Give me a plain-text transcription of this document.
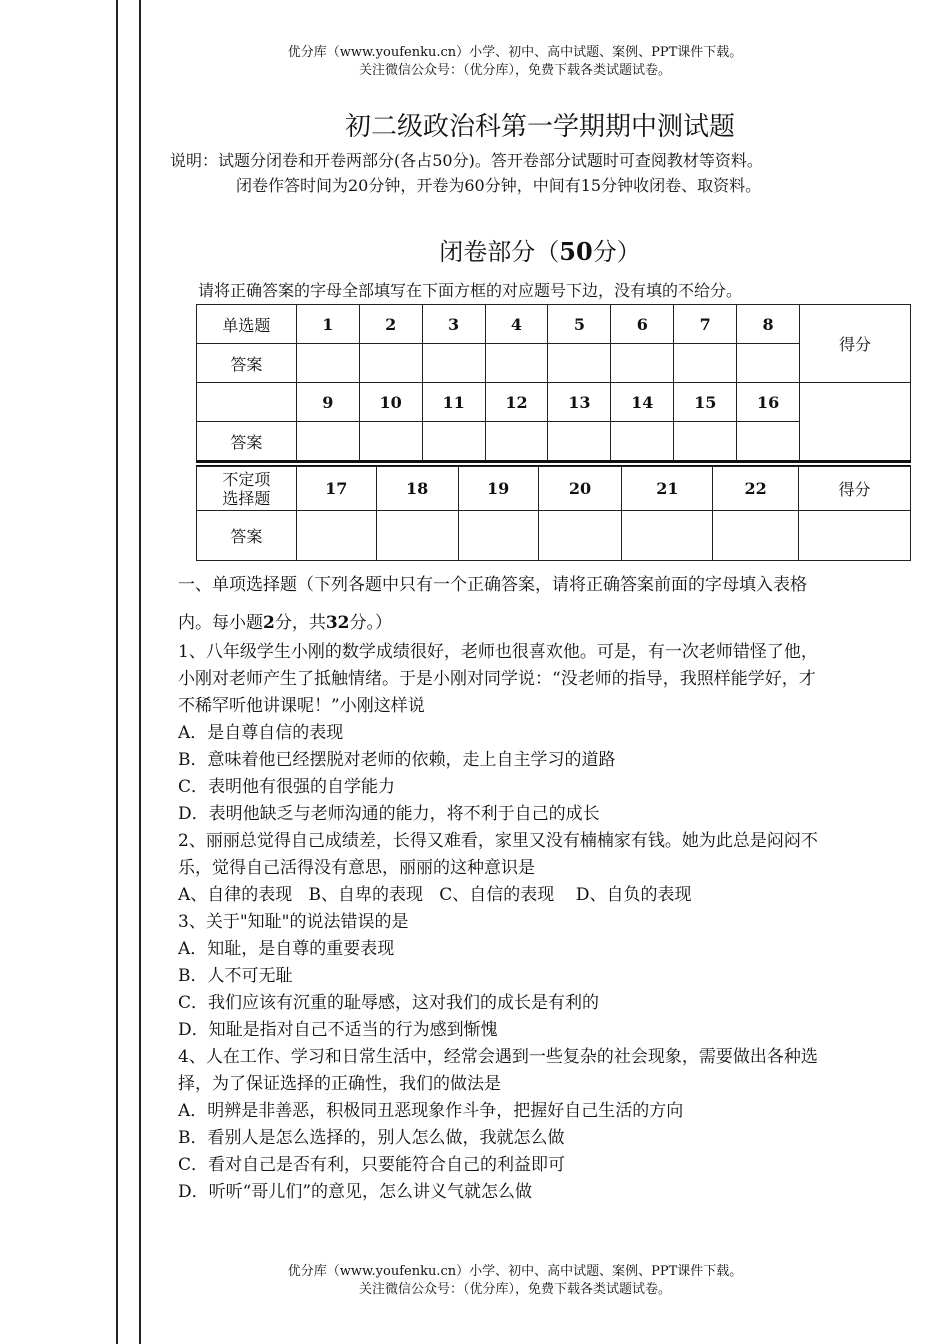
优分库（www.youfenku.cn）小学、初中、高中试题、案例、PPT课件下载。
关注微信公众号：（优分库），免费下载各类试题试卷。
初二级政治科第一学期期中测试题
说明：试题分闭卷和开卷两部分(各占50分)。答开卷部分试题时可查阅教材等资料。
闭卷作答时间为20分钟，开卷为60分钟，中间有15分钟收闭卷、取资料。
闭卷部分（50分）
请将正确答案的字母全部填写在下面方框的对应题号下边，没有填的不给分。
单选题	1	2	3	4	5	6	7	8	得分
答案									
	9	10	11	12	13	14	15	16	
答案									
不定项
选择题	17	18	19	20	21	22	得分
答案							

一、单项选择题（下列各题中只有一个正确答案，请将正确答案前面的字母填入表格

内。每小题2分，共32分。）

1、八年级学生小刚的数学成绩很好，老师也很喜欢他。可是，有一次老师错怪了他，

小刚对老师产生了抵触情绪。于是小刚对同学说：“没老师的指导，我照样能学好，才

不稀罕听他讲课呢！”小刚这样说

A．是自尊自信的表现

B．意味着他已经摆脱对老师的依赖，走上自主学习的道路

C．表明他有很强的自学能力

D．表明他缺乏与老师沟通的能力，将不利于自己的成长

2、丽丽总觉得自己成绩差，长得又难看，家里又没有楠楠家有钱。她为此总是闷闷不

乐，觉得自己活得没有意思，丽丽的这种意识是

A、自律的表现   B、自卑的表现   C、自信的表现    D、自负的表现

3、关于"知耻"的说法错误的是

A．知耻，是自尊的重要表现

B．人不可无耻

C．我们应该有沉重的耻辱感，这对我们的成长是有利的

D．知耻是指对自己不适当的行为感到惭愧

4、人在工作、学习和日常生活中，经常会遇到一些复杂的社会现象，需要做出各种选

择，为了保证选择的正确性，我们的做法是

A．明辨是非善恶，积极同丑恶现象作斗争，把握好自己生活的方向

B．看别人是怎么选择的，别人怎么做，我就怎么做

C．看对自己是否有利，只要能符合自己的利益即可

D．听听“哥儿们”的意见，怎么讲义气就怎么做

优分库（www.youfenku.cn）小学、初中、高中试题、案例、PPT课件下载。
关注微信公众号：（优分库），免费下载各类试题试卷。
